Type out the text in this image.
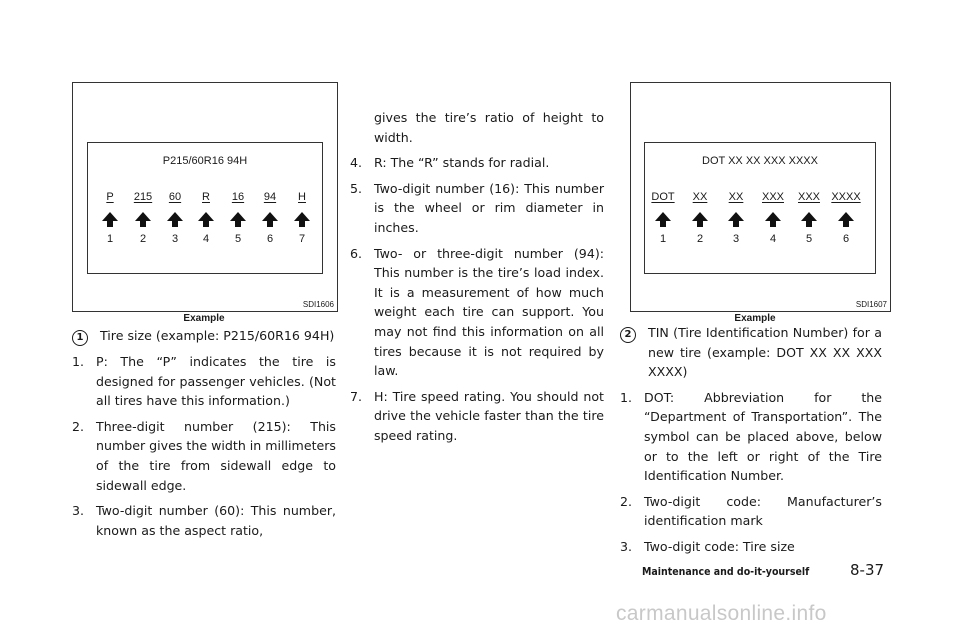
P215/60R16 94H
P 215 60 R 16 94 H
1 2 3 4 5 6 7
SDI1606
Example
DOT XX XX XXX XXXX
DOT XX XX XXX XXX XXXX
1	2	3	4	5	6
SDI1607
Example
1	Tire size (example: P215/60R16 94H)
1. P: The “P” indicates the tire is designed for passenger vehicles. (Not all tires have this information.)
2. Three-digit number (215): This number gives the width in millimeters of the tire from sidewall edge to sidewall edge.
3. Two-digit number (60): This number, known as the aspect ratio,
gives the tire’s ratio of height to width.
4. R: The “R” stands for radial.
5. Two-digit number (16): This number is the wheel or rim diameter in inches.
6. Two- or three-digit number (94): This number is the tire’s load index. It is a measurement of how much weight each tire can support. You may not find this information on all tires because it is not required by law.
7. H: Tire speed rating. You should not drive the vehicle faster than the tire speed rating.
2	TIN (Tire Identification Number) for a new tire (example: DOT XX XX XXX XXXX)
1. DOT: Abbreviation for the “Department of Transportation”. The symbol can be placed above, below or to the left or right of the Tire Identification Number.
2. Two-digit code: Manufacturer’s identification mark
3. Two-digit code: Tire size
Maintenance and do-it-yourself	8-37
carmanualsonline.info
